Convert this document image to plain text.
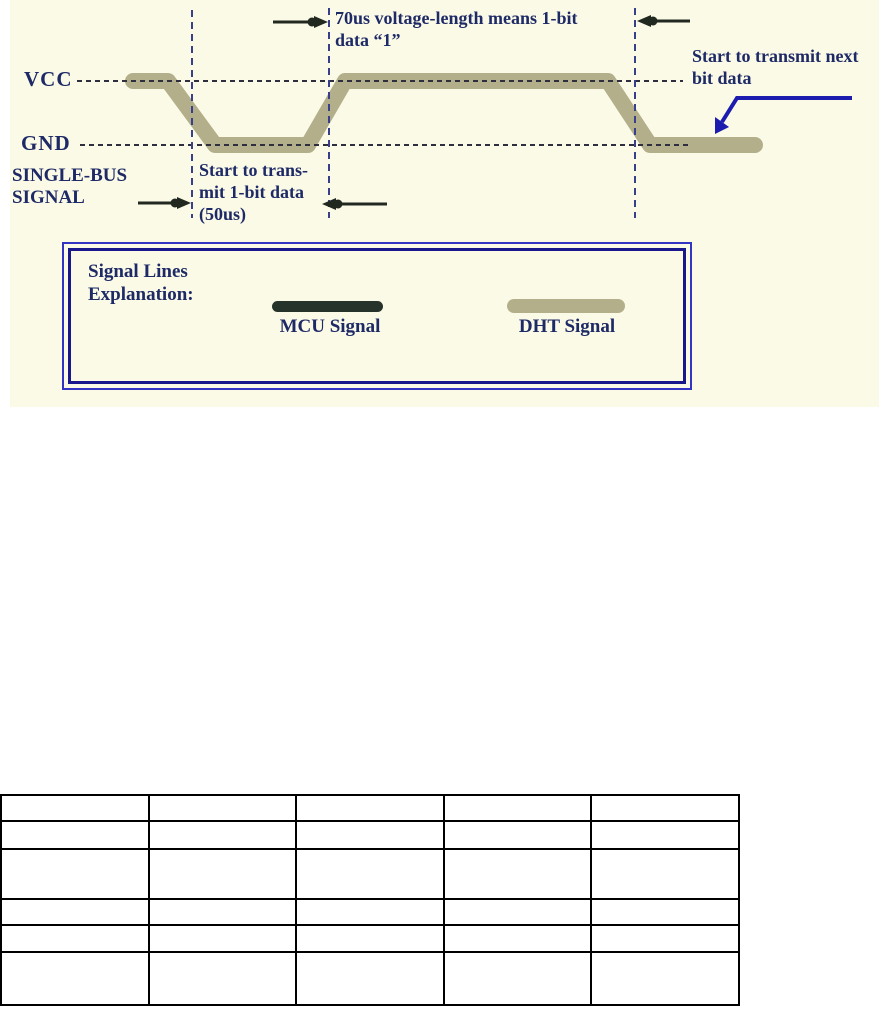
VCC
GND
SINGLE-BUS
SIGNAL
Start to trans-
mit 1-bit data
(50us)
70us voltage-length means 1-bit
data “1”
Start to transmit next
bit data
Signal Lines
Explanation:
MCU Signal	DHT Signal
